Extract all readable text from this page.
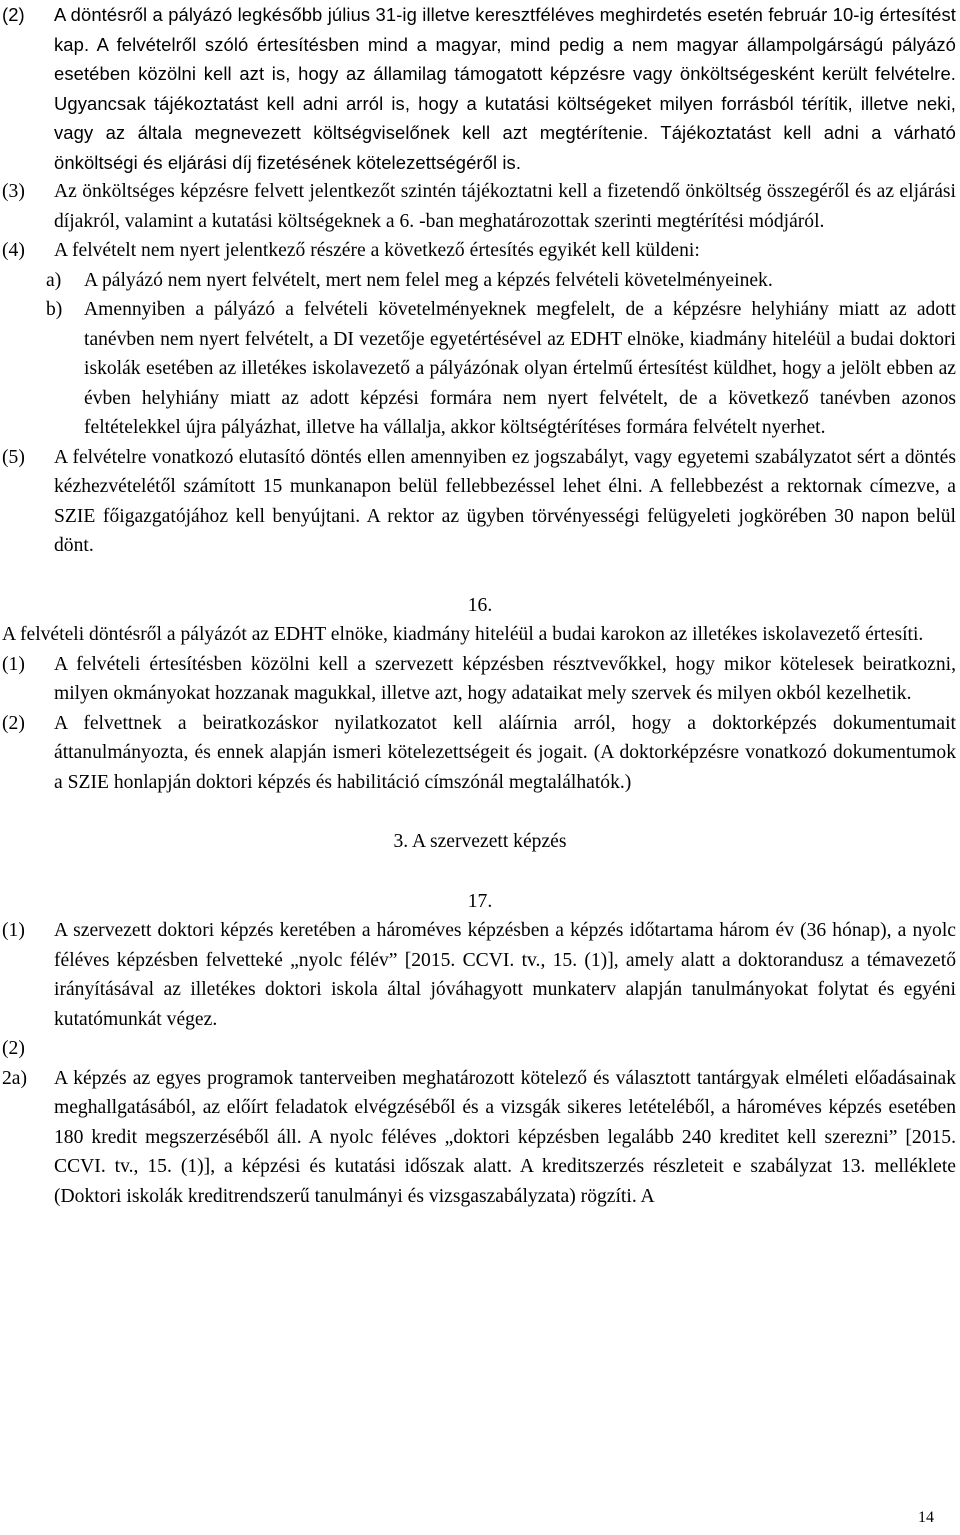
(2) A döntésről a pályázó legkésőbb július 31-ig illetve keresztféléves meghirdetés esetén február 10-ig értesítést kap. A felvételről szóló értesítésben mind a magyar, mind pedig a nem magyar állampolgárságú pályázó esetében közölni kell azt is, hogy az államilag támogatott képzésre vagy önköltségesként került felvételre. Ugyancsak tájékoztatást kell adni arról is, hogy a kutatási költségeket milyen forrásból térítik, illetve neki, vagy az általa megnevezett költségviselőnek kell azt megtérítenie. Tájékoztatást kell adni a várható önköltségi és eljárási díj fizetésének kötelezettségéről is.
(3) Az önköltséges képzésre felvett jelentkezőt szintén tájékoztatni kell a fizetendő önköltség összegéről és az eljárási díjakról, valamint a kutatási költségeknek a 6. -ban meghatározottak szerinti megtérítési módjáról.
(4) A felvételt nem nyert jelentkező részére a következő értesítés egyikét kell küldeni:
a) A pályázó nem nyert felvételt, mert nem felel meg a képzés felvételi követelményeinek.
b) Amennyiben a pályázó a felvételi követelményeknek megfelelt, de a képzésre helyhiány miatt az adott tanévben nem nyert felvételt, a DI vezetője egyetértésével az EDHT elnöke, kiadmány hiteléül a budai doktori iskolák esetében az illetékes iskolavezető a pályázónak olyan értelmű értesítést küldhet, hogy a jelölt ebben az évben helyhiány miatt az adott képzési formára nem nyert felvételt, de a következő tanévben azonos feltételekkel újra pályázhat, illetve ha vállalja, akkor költségtérítéses formára felvételt nyerhet.
(5) A felvételre vonatkozó elutasító döntés ellen amennyiben ez jogszabályt, vagy egyetemi szabályzatot sért a döntés kézhezvételétől számított 15 munkanapon belül fellebbezéssel lehet élni. A fellebbezést a rektornak címezve, a SZIE főigazgatójához kell benyújtani. A rektor az ügyben törvényességi felügyeleti jogkörében 30 napon belül dönt.
16.
A felvételi döntésről a pályázót az EDHT elnöke, kiadmány hiteléül a budai karokon az illetékes iskolavezető értesíti.
(1) A felvételi értesítésben közölni kell a szervezett képzésben résztvevőkkel, hogy mikor kötelesek beiratkozni, milyen okmányokat hozzanak magukkal, illetve azt, hogy adataikat mely szervek és milyen okból kezelhetik.
(2) A felvettnek a beiratkozáskor nyilatkozatot kell aláírnia arról, hogy a doktorképzés dokumentumait áttanulmányozta, és ennek alapján ismeri kötelezettségeit és jogait. (A doktorképzésre vonatkozó dokumentumok a SZIE honlapján doktori képzés és habilitáció címszónál megtalálhatók.)
3. A szervezett képzés
17.
(1) A szervezett doktori képzés keretében a hároméves képzésben a képzés időtartama három év (36 hónap), a nyolc féléves képzésben felvetteké „nyolc félév” [2015. CCVI. tv., 15. (1)], amely alatt a doktorandusz a témavezető irányításával az illetékes doktori iskola által jóváhagyott munkaterv alapján tanulmányokat folytat és egyéni kutatómunkát végez.
(2)
2a) A képzés az egyes programok tanterveiben meghatározott kötelező és választott tantárgyak elméleti előadásainak meghallgatásából, az előírt feladatok elvégzéséből és a vizsgák sikeres letételéből, a hároméves képzés esetében 180 kredit megszerzéséből áll. A nyolc féléves „doktori képzésben legalább 240 kreditet kell szerezni” [2015. CCVI. tv., 15. (1)], a képzési és kutatási időszak alatt. A kreditszerzés részleteit e szabályzat 13. melléklete (Doktori iskolák kreditrendszerű tanulmányi és vizsgaszabályzata) rögzíti. A
14
